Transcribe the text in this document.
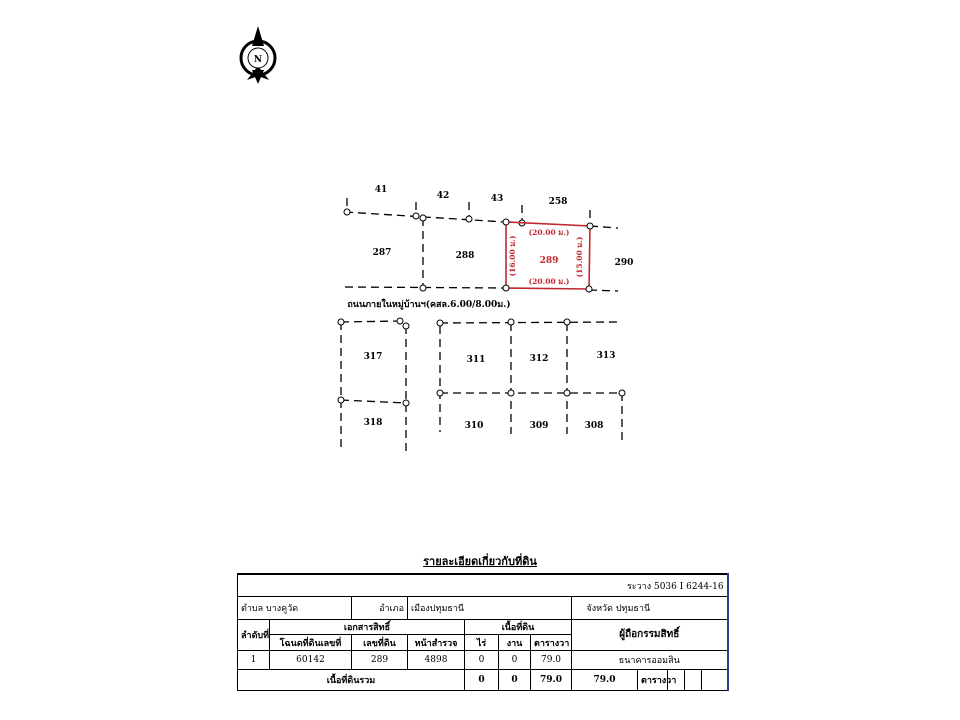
N
289
(20.00 ม.)
(20.00 ม.)
(16.00 ม.)	(15.00 ม.)
ถนนภายในหมู่บ้านฯ(คสล.6.00/8.00ม.)
41
42	43	258
287	288
290
317	311	312	313
318	310	309	308
รายละเอียดเกี่ยวกับที่ดิน
ระวาง 5036 I 6244-16											
ตำบล บางคูวัด		อำเภอ	เมืองปทุมธานี				จังหวัด ปทุมธานี				
ลำดับที่	เอกสารสิทธิ์			เนื้อที่ดิน			ผู้ถือกรรมสิทธิ์				
	โฉนดที่ดินเลขที่	เลขที่ดิน	หน้าสำรวจ	ไร่	งาน	ตารางวา					
1	60142	289	4898	0	0	79.0	ธนาคารออมสิน				
เนื้อที่ดินรวม				0	0	79.0	79.0	ตารางวา			
